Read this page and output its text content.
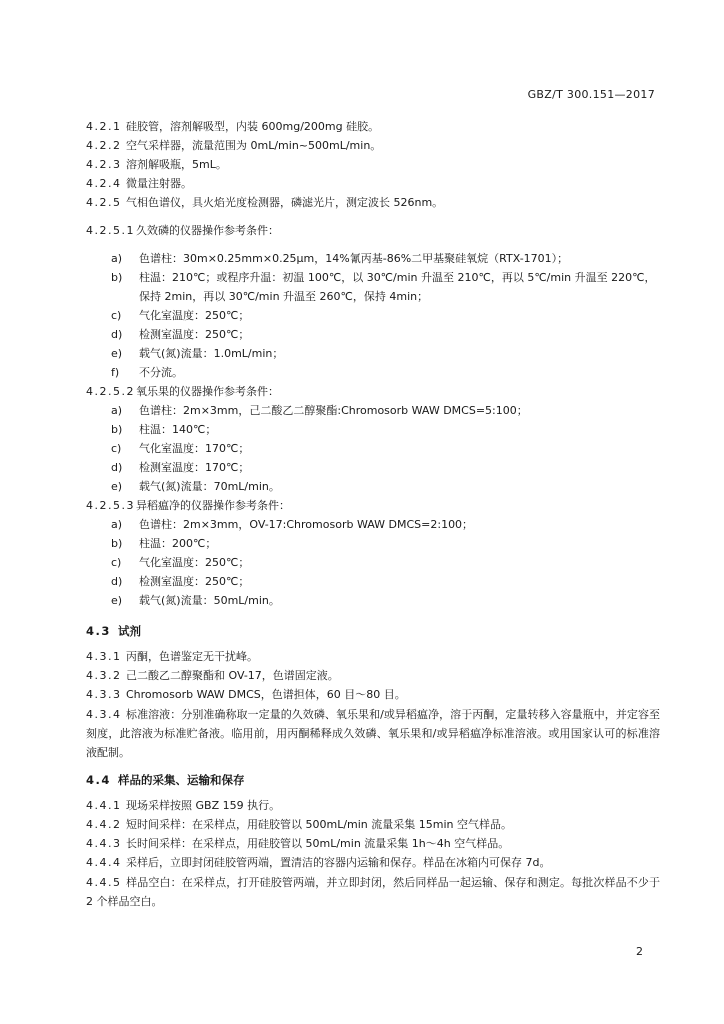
GBZ/T 300.151—2017
4.2.1 硅胶管，溶剂解吸型，内装 600mg/200mg 硅胶。
4.2.2 空气采样器，流量范围为 0mL/min~500mL/min。
4.2.3 溶剂解吸瓶，5mL。
4.2.4 微量注射器。
4.2.5 气相色谱仪，具火焰光度检测器，磷滤光片，测定波长 526nm。
4.2.5.1久效磷的仪器操作参考条件：
a) 色谱柱：30m×0.25mm×0.25μm，14%氰丙基-86%二甲基聚硅氧烷（RTX-1701）；
b) 柱温：210℃；或程序升温：初温 100℃，以 30℃/min 升温至 210℃，再以 5℃/min 升温至 220℃，
保持 2min，再以 30℃/min 升温至 260℃，保持 4min；
c) 气化室温度：250℃；
d) 检测室温度：250℃；
e) 载气(氮)流量：1.0mL/min；
f) 不分流。
4.2.5.2氧乐果的仪器操作参考条件：
a) 色谱柱：2m×3mm，己二酸乙二醇聚酯:Chromosorb WAW DMCS=5:100；
b) 柱温：140℃；
c) 气化室温度：170℃；
d) 检测室温度：170℃；
e) 载气(氮)流量：70mL/min。
4.2.5.3异稻瘟净的仪器操作参考条件：
a) 色谱柱：2m×3mm，OV-17:Chromosorb WAW DMCS=2:100；
b) 柱温：200℃；
c) 气化室温度：250℃；
d) 检测室温度：250℃；
e) 载气(氮)流量：50mL/min。
4.3 试剂
4.3.1 丙酮，色谱鉴定无干扰峰。
4.3.2 己二酸乙二醇聚酯和 OV-17，色谱固定液。
4.3.3 Chromosorb WAW DMCS，色谱担体，60 目～80 目。
4.3.4 标准溶液：分别准确称取一定量的久效磷、氧乐果和/或异稻瘟净，溶于丙酮，定量转移入容量瓶中，并定容至刻度，此溶液为标准贮备液。临用前，用丙酮稀释成久效磷、氧乐果和/或异稻瘟净标准溶液。或用国家认可的标准溶液配制。
4.4 样品的采集、运输和保存
4.4.1 现场采样按照 GBZ 159 执行。
4.4.2 短时间采样：在采样点，用硅胶管以 500mL/min 流量采集 15min 空气样品。
4.4.3 长时间采样：在采样点，用硅胶管以 50mL/min 流量采集 1h～4h 空气样品。
4.4.4 采样后，立即封闭硅胶管两端，置清洁的容器内运输和保存。样品在冰箱内可保存 7d。
4.4.5 样品空白：在采样点，打开硅胶管两端，并立即封闭，然后同样品一起运输、保存和测定。每批次样品不少于 2 个样品空白。
2
